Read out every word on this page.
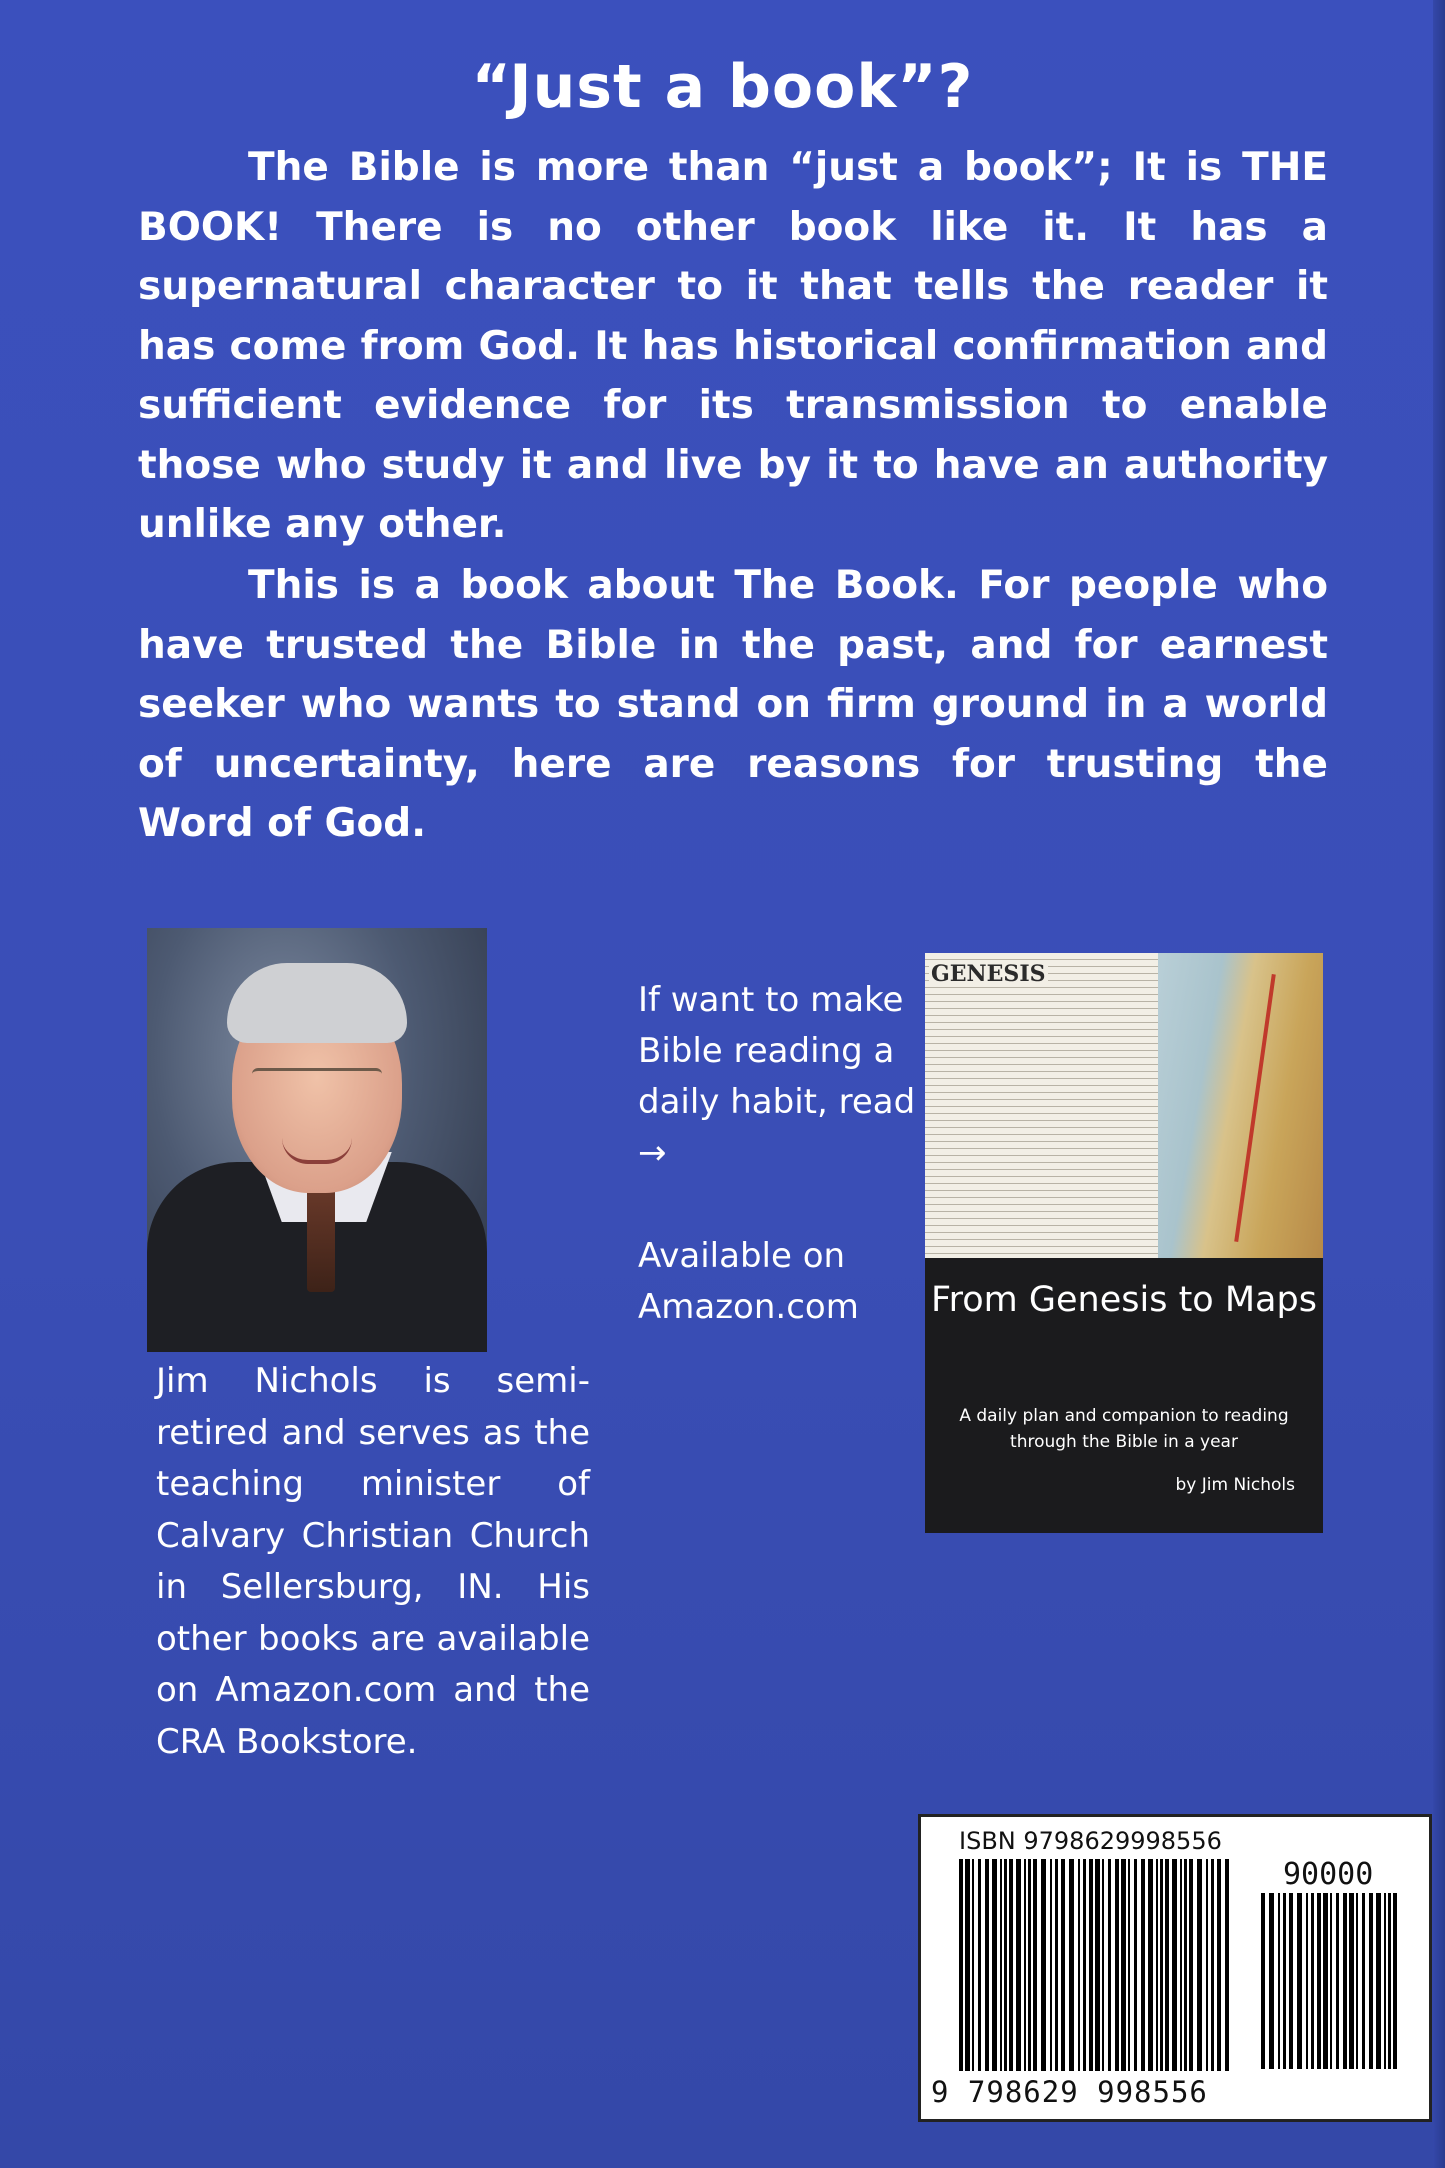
“Just a book”?

The Bible is more than “just a book”; It is THE BOOK! There is no other book like it. It has a supernatural character to it that tells the reader it has come from God. It has historical confirmation and sufficient evidence for its transmission to enable those who study it and live by it to have an authority unlike any other.

This is a book about The Book. For people who have trusted the Bible in the past, and for earnest seeker who wants to stand on firm ground in a world of uncertainty, here are reasons for trusting the Word of God.

Jim Nichols is semi-retired and serves as the teaching minister of Calvary Christian Church in Sellersburg, IN. His other books are available on Amazon.com and the CRA Bookstore.

If want to make Bible reading a daily habit, read →

Available on Amazon.com

GENESIS

From Genesis to Maps

A daily plan and companion to reading through the Bible in a year

by Jim Nichols

ISBN 9798629998556
90000
9 798629 998556
